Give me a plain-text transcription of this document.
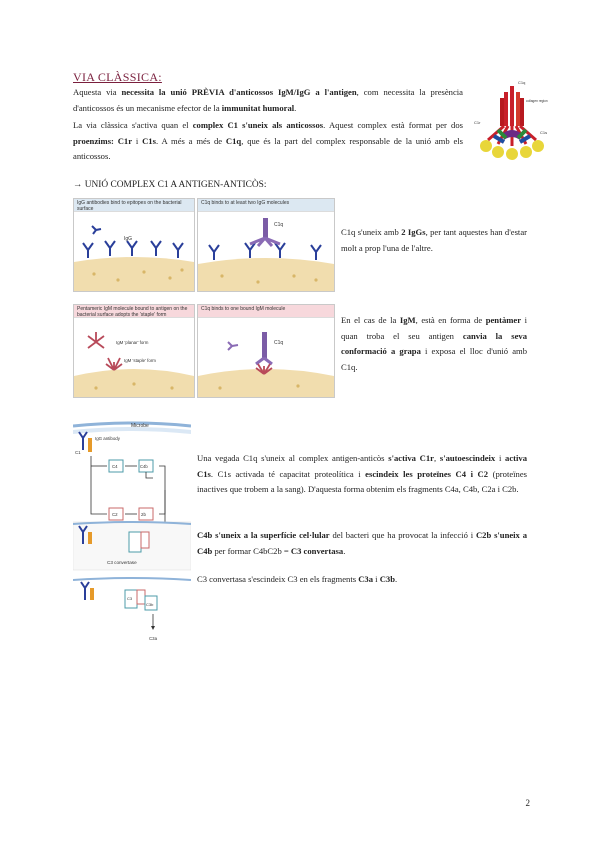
VIA CLÀSSICA:

Aquesta via necessita la unió PRÈVIA d'anticossos IgM/IgG a l'antigen, com necessita la presència d'anticossos és un mecanisme efector de la immunitat humoral.

La via clàssica s'activa quan el complex C1 s'uneix als anticossos. Aquest complex està format per dos proenzims: C1r i C1s. A més a més de C1q, que és la part del complex responsable de la unió amb els anticossos.

C1q
collagen region
C1r
C1s

→ UNIÓ COMPLEX C1 A ANTIGEN-ANTICÒS:

IgG antibodies bind to epitopes on the bacterial surface
IgG
C1q binds to at least two IgG molecules
C1q

C1q s'uneix amb 2 IgGs, per tant aquestes han d'estar molt a prop l'una de l'altre.

Pentameric IgM molecule bound to antigen on the bacterial surface adopts the 'staple' form
IgM 'planar' form
IgM 'staple' form
C1q binds to one bound IgM molecule
C1q

En el cas de la IgM, està en forma de pentàmer i quan troba el seu antigen canvia la seva conformació a grapa i exposa el lloc d'unió amb C1q.

Microbe
IgG antibody
C1
C4	C4b
C2	2b
C3 convertase
C3
C3b
C3a

Una vegada C1q s'uneix al complex antigen-anticòs s'activa C1r, s'autoescindeix i activa C1s. C1s activada té capacitat proteolítica i escindeix les proteïnes C4 i C2 (proteïnes inactives que trobem a la sang). D'aquesta forma obtenim els fragments C4a, C4b, C2a i C2b.

C4b s'uneix a la superfície cel·lular del bacteri que ha provocat la infecció i C2b s'uneix a C4b per formar C4bC2b = C3 convertasa.

C3 convertasa s'escindeix C3 en els fragments C3a i C3b.

2
